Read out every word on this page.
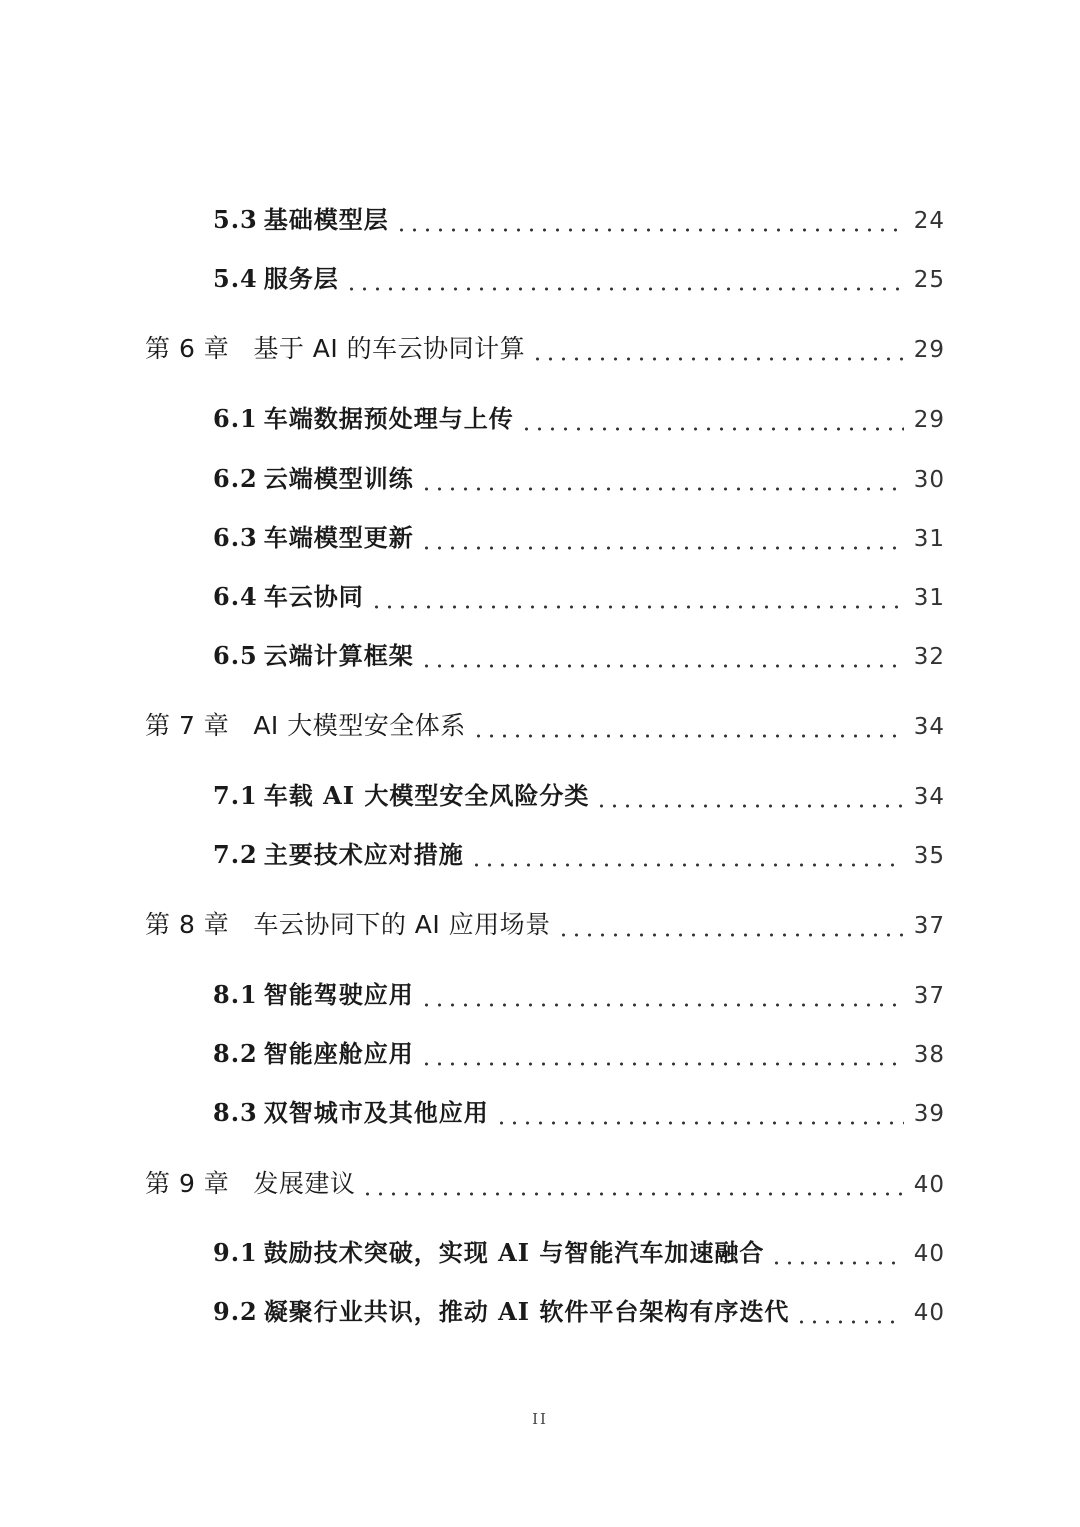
5.3 基础模型层	24
5.4 服务层	25
第 6 章 基于 AI 的车云协同计算	29
6.1 车端数据预处理与上传	29
6.2 云端模型训练	30
6.3 车端模型更新	31
6.4 车云协同	31
6.5 云端计算框架	32
第 7 章 AI 大模型安全体系	34
7.1 车载 AI 大模型安全风险分类	34
7.2 主要技术应对措施	35
第 8 章 车云协同下的 AI 应用场景	37
8.1 智能驾驶应用	37
8.2 智能座舱应用	38
8.3 双智城市及其他应用	39
第 9 章 发展建议	40
9.1 鼓励技术突破，实现 AI 与智能汽车加速融合	40
9.2 凝聚行业共识，推动 AI 软件平台架构有序迭代	40
II
